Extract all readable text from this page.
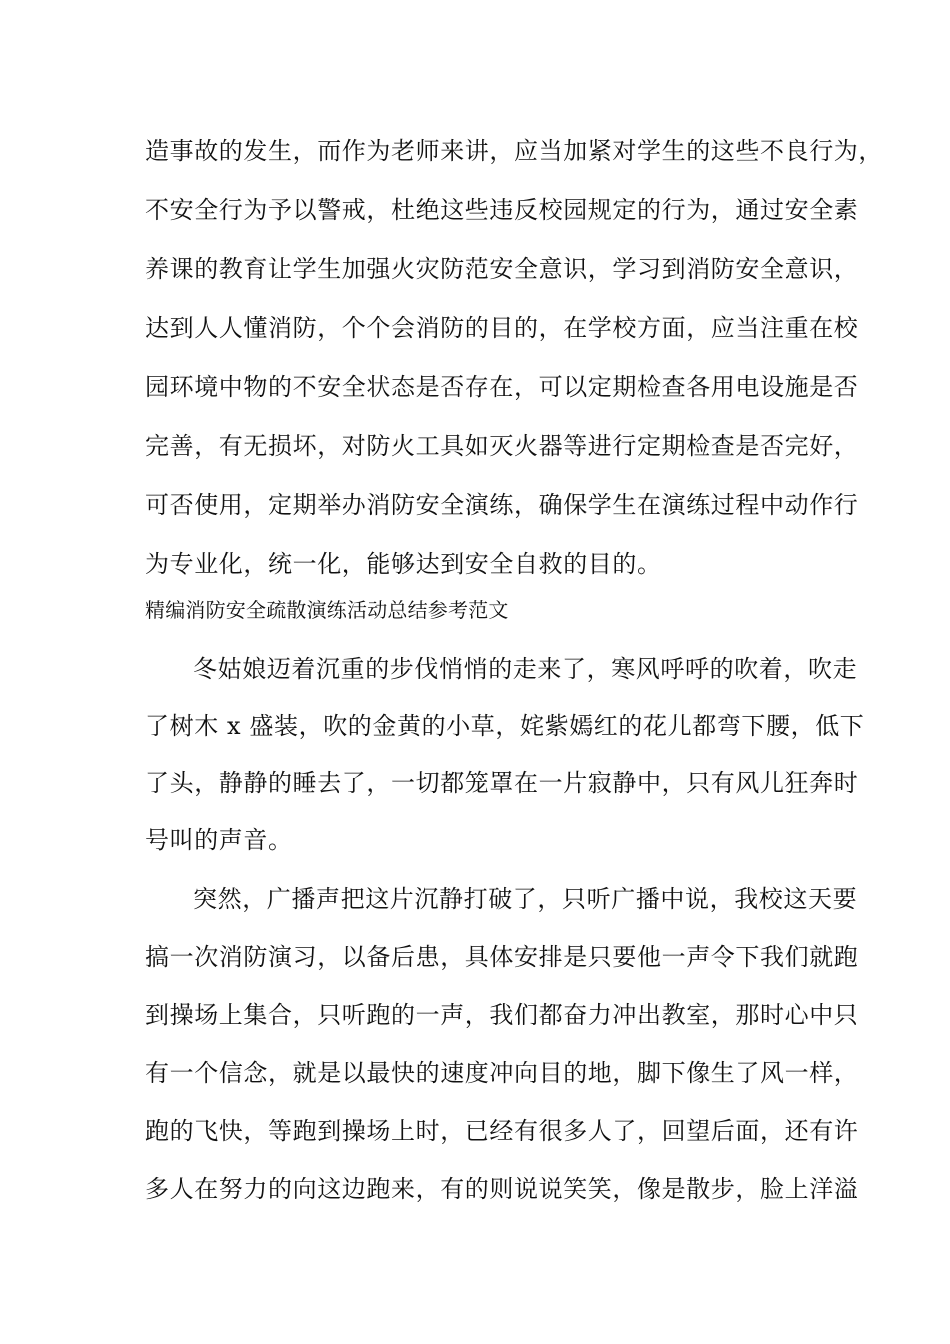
造事故的发生，而作为老师来讲，应当加紧对学生的这些不良行为，
不安全行为予以警戒，杜绝这些违反校园规定的行为，通过安全素
养课的教育让学生加强火灾防范安全意识，学习到消防安全意识，
达到人人懂消防，个个会消防的目的，在学校方面，应当注重在校
园环境中物的不安全状态是否存在，可以定期检查各用电设施是否
完善，有无损坏，对防火工具如灭火器等进行定期检查是否完好，
可否使用，定期举办消防安全演练，确保学生在演练过程中动作行
为专业化，统一化，能够达到安全自救的目的。
精编消防安全疏散演练活动总结参考范文
冬姑娘迈着沉重的步伐悄悄的走来了，寒风呼呼的吹着，吹走
了树木 x 盛装，吹的金黄的小草，姹紫嫣红的花儿都弯下腰，低下
了头，静静的睡去了，一切都笼罩在一片寂静中，只有风儿狂奔时
号叫的声音。
突然，广播声把这片沉静打破了，只听广播中说，我校这天要
搞一次消防演习，以备后患，具体安排是只要他一声令下我们就跑
到操场上集合，只听跑的一声，我们都奋力冲出教室，那时心中只
有一个信念，就是以最快的速度冲向目的地，脚下像生了风一样，
跑的飞快，等跑到操场上时，已经有很多人了，回望后面，还有许
多人在努力的向这边跑来，有的则说说笑笑，像是散步，脸上洋溢
